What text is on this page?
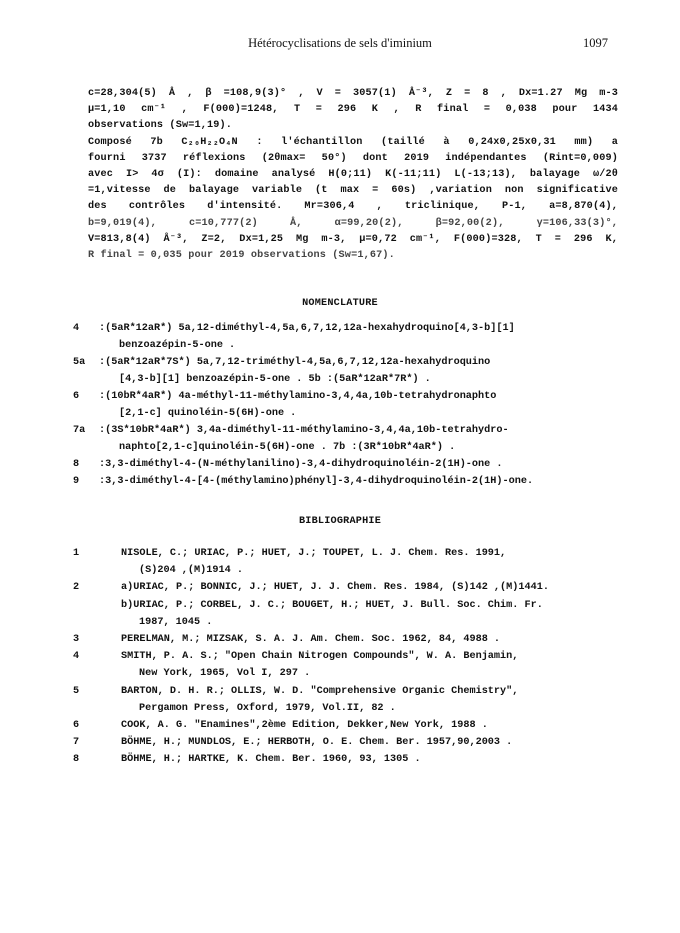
Hétérocyclisations de sels d'iminium	1097
c=28,304(5) Å , β =108,9(3)° , V = 3057(1) Å⁻³, Z = 8 , Dx=1.27 Mg m-3
μ=1,10 cm⁻¹ , F(000)=1248, T = 296 K , R final = 0,038 pour 1434
observations (Sw=1,19).
Composé 7b C₂₀H₂₂O₄N : l'échantillon (taillé à 0,24x0,25x0,31 mm) a
fourni 3737 réflexions (2θmax= 50°) dont 2019 indépendantes (Rint=0,009)
avec I> 4σ (I): domaine analysé H(0;11) K(-11;11) L(-13;13), balayage ω/2θ
=1,vitesse de balayage variable (t max = 60s) ,variation non significative
des contrôles d'intensité. Mr=306,4 , triclinique, P-1, a=8,870(4),
b=9,019(4), c=10,777(2) Å, α=99,20(2), β=92,00(2), γ=106,33(3)°,
V=813,8(4) Å⁻³, Z=2, Dx=1,25 Mg m-3, μ=0,72 cm⁻¹, F(000)=328, T = 296 K,
R final = 0,035 pour 2019 observations (Sw=1,67).
NOMENCLATURE
4	:(5aR*12aR*) 5a,12-diméthyl-4,5a,6,7,12,12a-hexahydroquino[4,3-b][1]
benzoazépin-5-one .
5a	:(5aR*12aR*7S*) 5a,7,12-triméthyl-4,5a,6,7,12,12a-hexahydroquino
[4,3-b][1] benzoazépin-5-one . 5b :(5aR*12aR*7R*) .
6	:(10bR*4aR*) 4a-méthyl-11-méthylamino-3,4,4a,10b-tetrahydronaphto
[2,1-c] quinoléin-5(6H)-one .
7a	:(3S*10bR*4aR*) 3,4a-diméthyl-11-méthylamino-3,4,4a,10b-tetrahydro-
naphto[2,1-c]quinoléin-5(6H)-one . 7b :(3R*10bR*4aR*) .
8	:3,3-diméthyl-4-(N-méthylanilino)-3,4-dihydroquinoléin-2(1H)-one .
9	:3,3-diméthyl-4-[4-(méthylamino)phényl]-3,4-dihydroquinoléin-2(1H)-one.
BIBLIOGRAPHIE
1	NISOLE, C.; URIAC, P.; HUET, J.; TOUPET, L. J. Chem. Res. 1991,
(S)204 ,(M)1914 .
2	a)URIAC, P.; BONNIC, J.; HUET, J. J. Chem. Res. 1984, (S)142 ,(M)1441.
b)URIAC, P.; CORBEL, J. C.; BOUGET, H.; HUET, J. Bull. Soc. Chim. Fr.
1987, 1045 .
3	PERELMAN, M.; MIZSAK, S. A. J. Am. Chem. Soc. 1962, 84, 4988 .
4	SMITH, P. A. S.; "Open Chain Nitrogen Compounds", W. A. Benjamin,
New York, 1965, Vol I, 297 .
5	BARTON, D. H. R.; OLLIS, W. D. "Comprehensive Organic Chemistry",
Pergamon Press, Oxford, 1979, Vol.II, 82 .
6	COOK, A. G. "Enamines",2ème Edition, Dekker,New York, 1988 .
7	BÖHME, H.; MUNDLOS, E.; HERBOTH, O. E. Chem. Ber. 1957,90,2003 .
8	BÖHME, H.; HARTKE, K. Chem. Ber. 1960, 93, 1305 .
